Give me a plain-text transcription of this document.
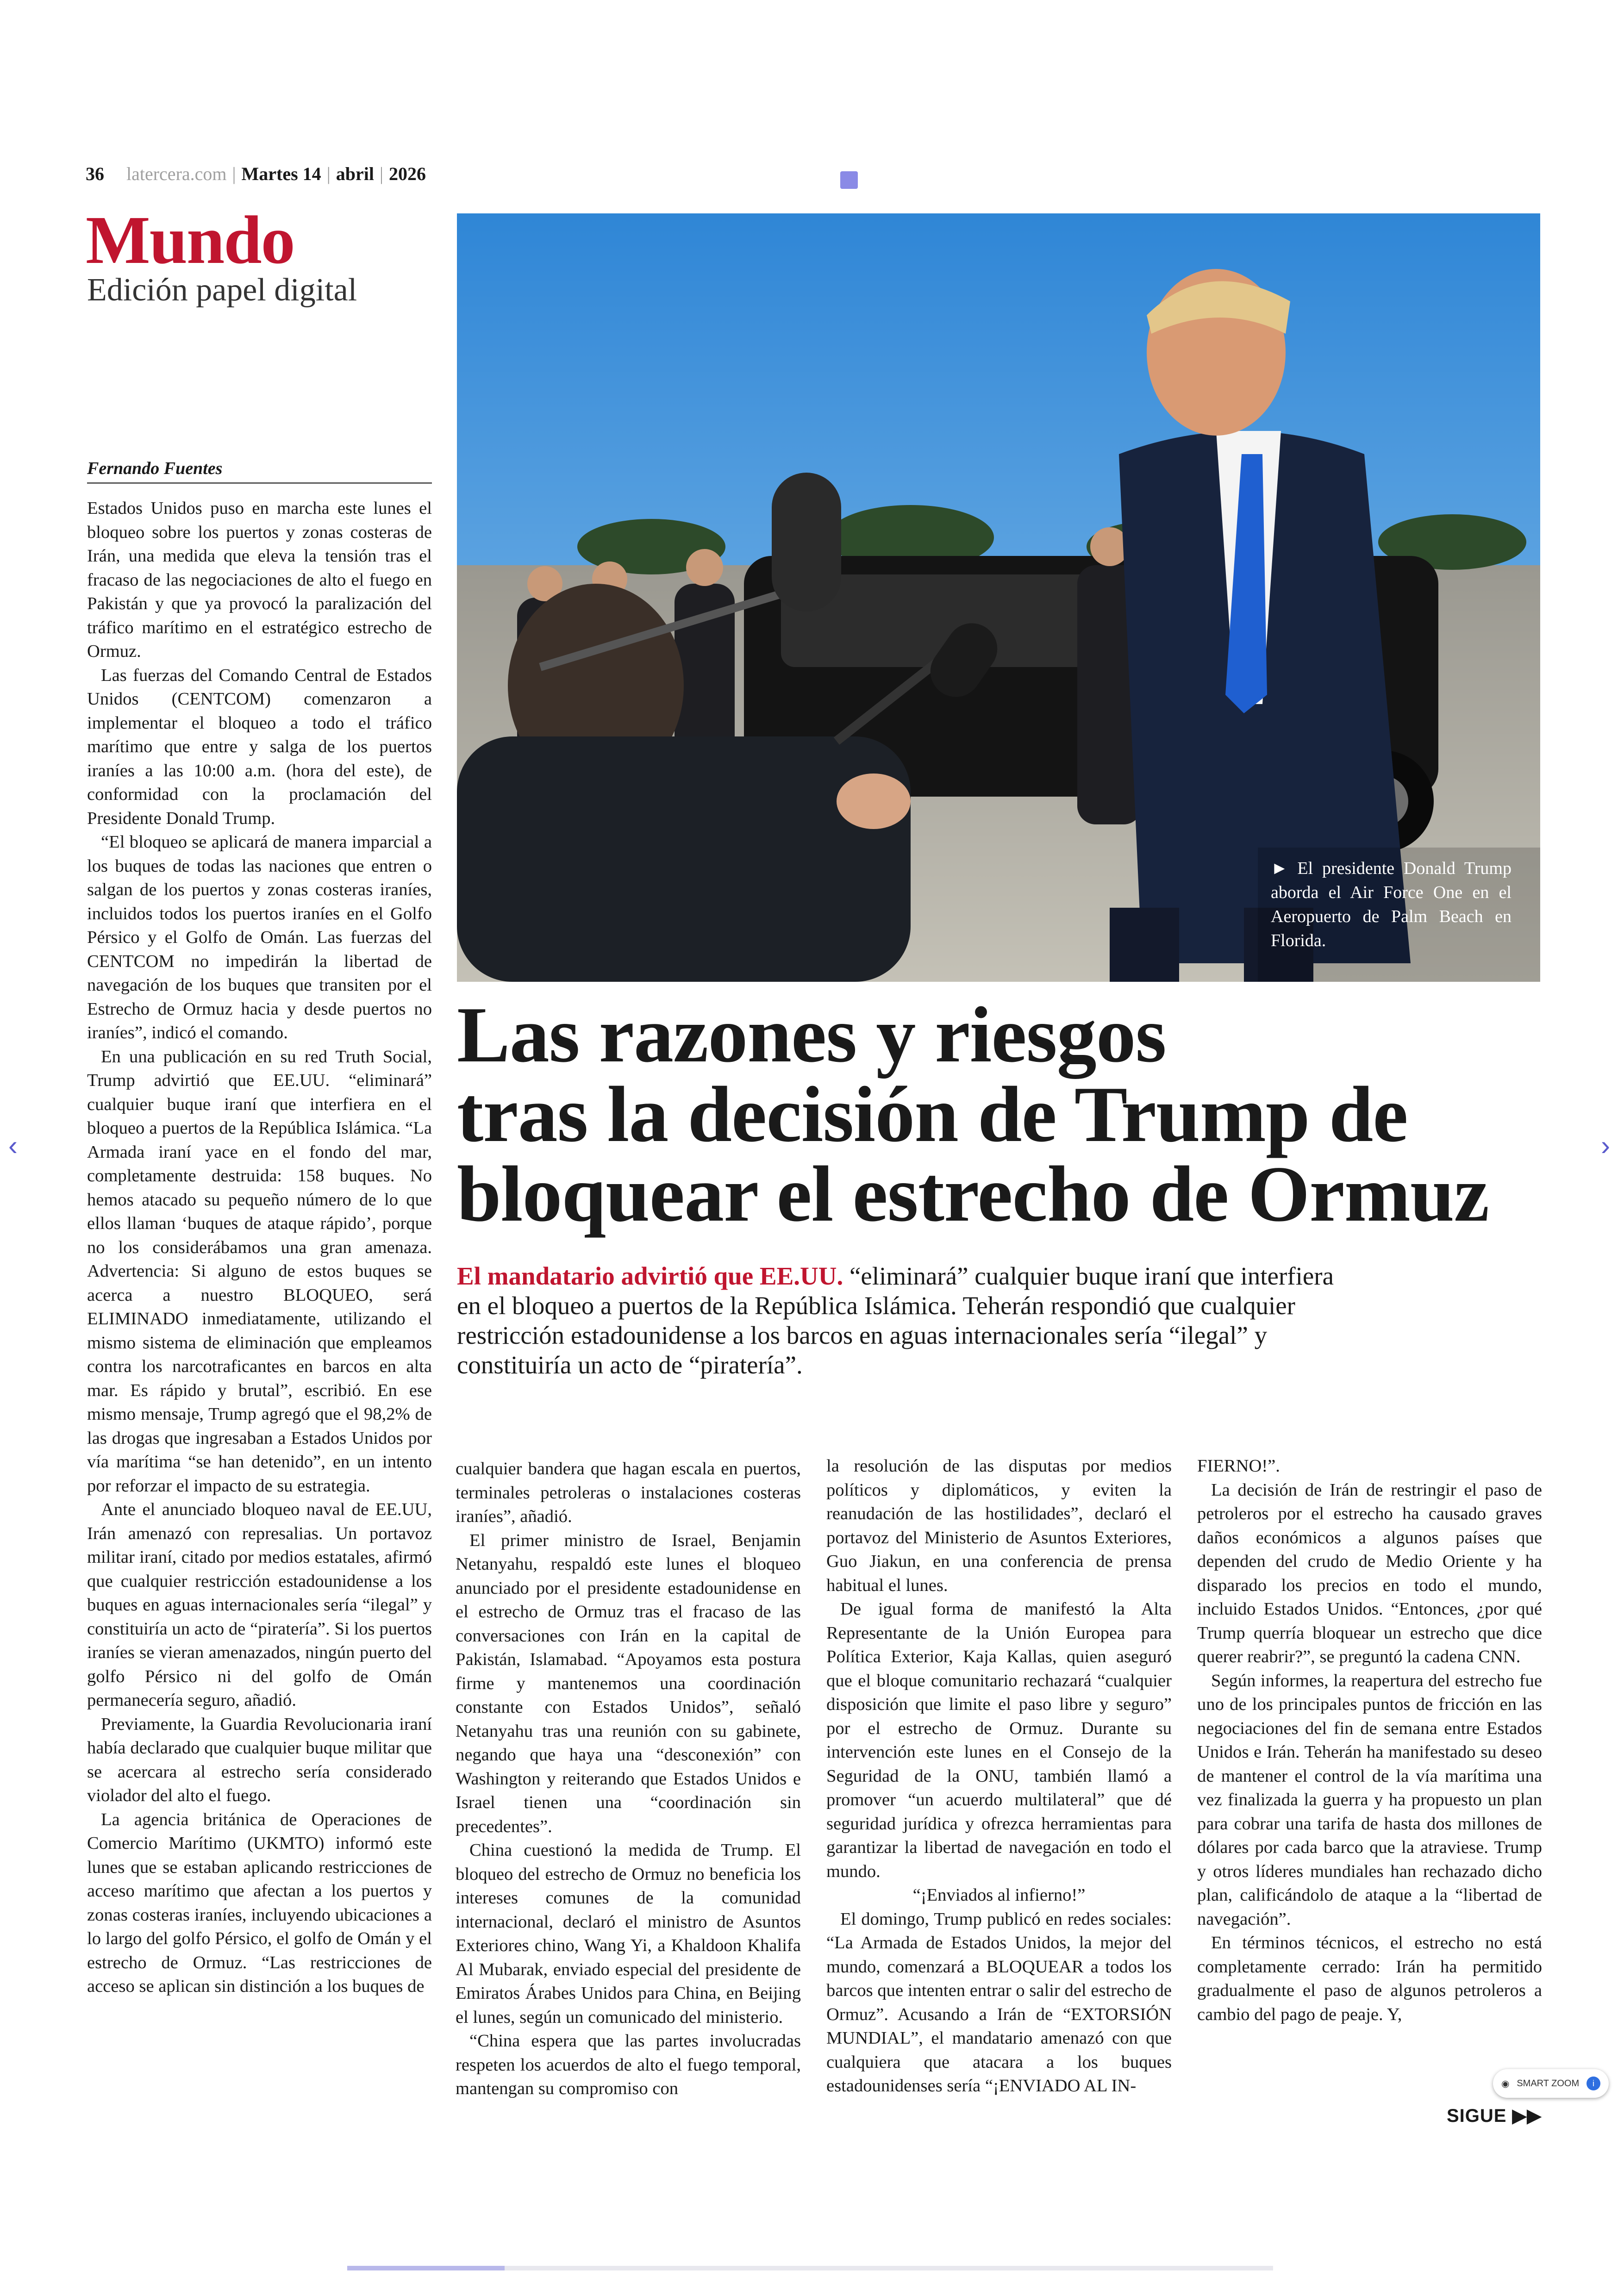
36 latercera.com | Martes 14 | abril | 2026
Mundo
Edición papel digital
Fernando Fuentes

Estados Unidos puso en marcha este lunes el bloqueo sobre los puertos y zonas costeras de Irán, una medida que eleva la tensión tras el fracaso de las negociaciones de alto el fuego en Pakistán y que ya provocó la paralización del tráfico marítimo en el estratégico estrecho de Ormuz.

Las fuerzas del Comando Central de Estados Unidos (CENTCOM) comenzaron a implementar el bloqueo a todo el tráfico marítimo que entre y salga de los puertos iraníes a las 10:00 a.m. (hora del este), de conformidad con la proclamación del Presidente Donald Trump.

“El bloqueo se aplicará de manera imparcial a los buques de todas las naciones que entren o salgan de los puertos y zonas costeras iraníes, incluidos todos los puertos iraníes en el Golfo Pérsico y el Golfo de Omán. Las fuerzas del CENTCOM no impedirán la libertad de navegación de los buques que transiten por el Estrecho de Ormuz hacia y desde puertos no iraníes”, indicó el comando.

En una publicación en su red Truth Social, Trump advirtió que EE.UU. “eliminará” cualquier buque iraní que interfiera en el bloqueo a puertos de la República Islámica. “La Armada iraní yace en el fondo del mar, completamente destruida: 158 buques. No hemos atacado su pequeño número de lo que ellos llaman ‘buques de ataque rápido’, porque no los considerábamos una gran amenaza. Advertencia: Si alguno de estos buques se acerca a nuestro BLOQUEO, será ELIMINADO inmediatamente, utilizando el mismo sistema de eliminación que empleamos contra los narcotraficantes en barcos en alta mar. Es rápido y brutal”, escribió. En ese mismo mensaje, Trump agregó que el 98,2% de las drogas que ingresaban a Estados Unidos por vía marítima “se han detenido”, en un intento por reforzar el impacto de su estrategia.

Ante el anunciado bloqueo naval de EE.UU, Irán amenazó con represalias. Un portavoz militar iraní, citado por medios estatales, afirmó que cualquier restricción estadounidense a los buques en aguas internacionales sería “ilegal” y constituiría un acto de “piratería”. Si los puertos iraníes se vieran amenazados, ningún puerto del golfo Pérsico ni del golfo de Omán permanecería seguro, añadió.

Previamente, la Guardia Revolucionaria iraní había declarado que cualquier buque militar que se acercara al estrecho sería considerado violador del alto el fuego.

La agencia británica de Operaciones de Comercio Marítimo (UKMTO) informó este lunes que se estaban aplicando restricciones de acceso marítimo que afectan a los puertos y zonas costeras iraníes, incluyendo ubicaciones a lo largo del golfo Pérsico, el golfo de Omán y el estrecho de Ormuz. “Las restricciones de acceso se aplican sin distinción a los buques de

► El presidente Donald Trump aborda el Air Force One en el Aeropuerto de Palm Beach en Florida.
Las razones y riesgos
tras la decisión de Trump de
bloquear el estrecho de Ormuz
El mandatario advirtió que EE.UU. “eliminará” cualquier buque iraní que interfiera en el bloqueo a puertos de la República Islámica. Teherán respondió que cualquier restricción estadounidense a los barcos en aguas internacionales sería “ilegal” y constituiría un acto de “piratería”.

cualquier bandera que hagan escala en puertos, terminales petroleras o instalaciones costeras iraníes”, añadió.

El primer ministro de Israel, Benjamin Netanyahu, respaldó este lunes el bloqueo anunciado por el presidente estadounidense en el estrecho de Ormuz tras el fracaso de las conversaciones con Irán en la capital de Pakistán, Islamabad. “Apoyamos esta postura firme y mantenemos una coordinación constante con Estados Unidos”, señaló Netanyahu tras una reunión con su gabinete, negando que haya una “desconexión” con Washington y reiterando que Estados Unidos e Israel tienen una “coordinación sin precedentes”.

China cuestionó la medida de Trump. El bloqueo del estrecho de Ormuz no beneficia los intereses comunes de la comunidad internacional, declaró el ministro de Asuntos Exteriores chino, Wang Yi, a Khaldoon Khalifa Al Mubarak, enviado especial del presidente de Emiratos Árabes Unidos para China, en Beijing el lunes, según un comunicado del ministerio.

“China espera que las partes involucradas respeten los acuerdos de alto el fuego temporal, mantengan su compromiso con

la resolución de las disputas por medios políticos y diplomáticos, y eviten la reanudación de las hostilidades”, declaró el portavoz del Ministerio de Asuntos Exteriores, Guo Jiakun, en una conferencia de prensa habitual el lunes.

De igual forma de manifestó la Alta Representante de la Unión Europea para Política Exterior, Kaja Kallas, quien aseguró que el bloque comunitario rechazará “cualquier disposición que limite el paso libre y seguro” por el estrecho de Ormuz. Durante su intervención este lunes en el Consejo de la Seguridad de la ONU, también llamó a promover “un acuerdo multilateral” que dé seguridad jurídica y ofrezca herramientas para garantizar la libertad de navegación en todo el mundo.

“¡Enviados al infierno!”

El domingo, Trump publicó en redes sociales: “La Armada de Estados Unidos, la mejor del mundo, comenzará a BLOQUEAR a todos los barcos que intenten entrar o salir del estrecho de Ormuz”. Acusando a Irán de “EXTORSIÓN MUNDIAL”, el mandatario amenazó con que cualquiera que atacara a los buques estadounidenses sería “¡ENVIADO AL IN-

FIERNO!”.

La decisión de Irán de restringir el paso de petroleros por el estrecho ha causado graves daños económicos a algunos países que dependen del crudo de Medio Oriente y ha disparado los precios en todo el mundo, incluido Estados Unidos. “Entonces, ¿por qué Trump querría bloquear un estrecho que dice querer reabrir?”, se preguntó la cadena CNN.

Según informes, la reapertura del estrecho fue uno de los principales puntos de fricción en las negociaciones del fin de semana entre Estados Unidos e Irán. Teherán ha manifestado su deseo de mantener el control de la vía marítima una vez finalizada la guerra y ha propuesto un plan para cobrar una tarifa de hasta dos millones de dólares por cada barco que la atraviese. Trump y otros líderes mundiales han rechazado dicho plan, calificándolo de ataque a la “libertad de navegación”.

En términos técnicos, el estrecho no está completamente cerrado: Irán ha permitido gradualmente el paso de algunos petroleros a cambio del pago de peaje. Y,

SIGUE ▶▶
‹	›
◉ SMART ZOOM	i
